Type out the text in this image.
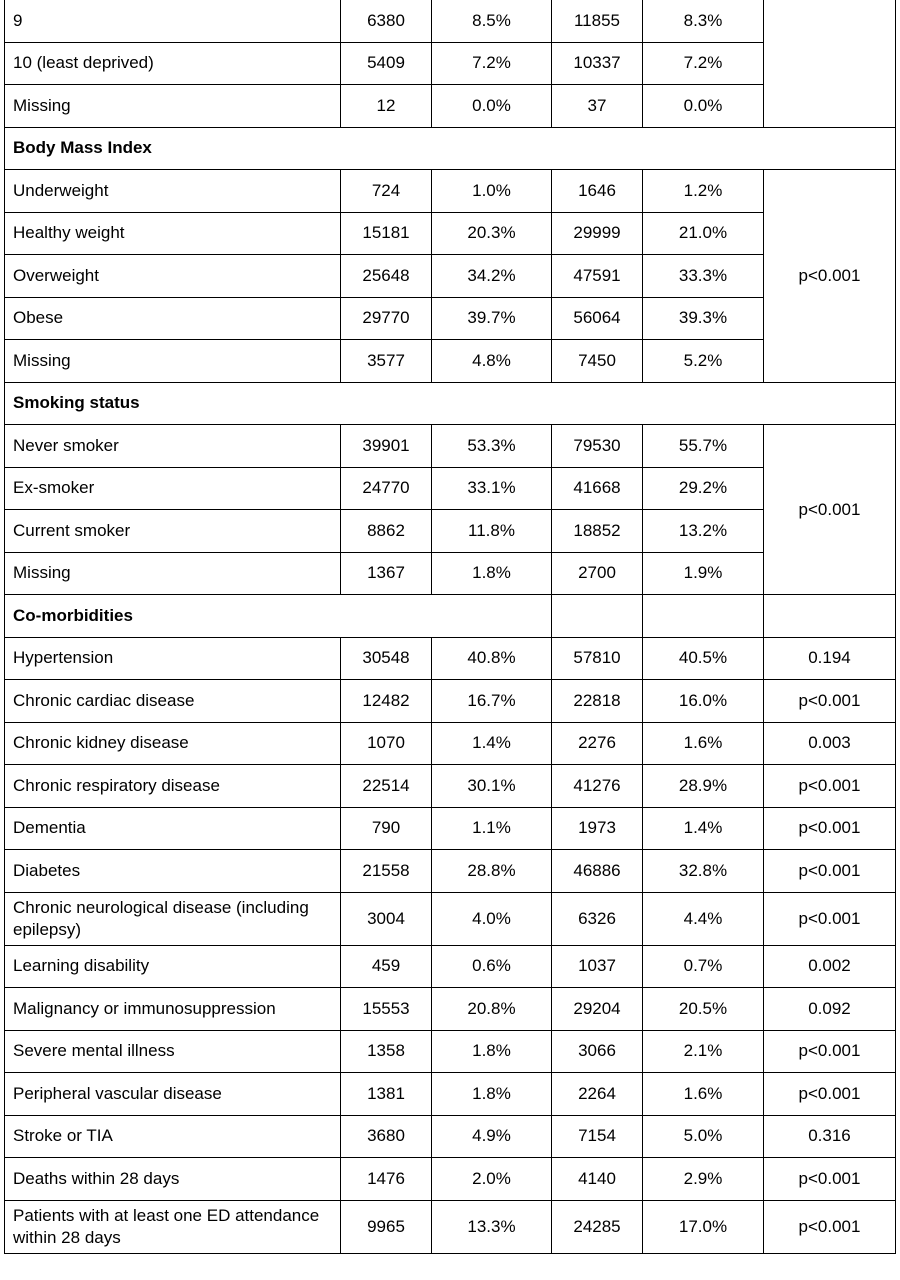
9	6380	8.5%	11855	8.3%	
10 (least deprived)	5409	7.2%	10337	7.2%	
Missing	12	0.0%	37	0.0%	
Body Mass Index					
Underweight	724	1.0%	1646	1.2%	p<0.001
Healthy weight	15181	20.3%	29999	21.0%	
Overweight	25648	34.2%	47591	33.3%	
Obese	29770	39.7%	56064	39.3%	
Missing	3577	4.8%	7450	5.2%	
Smoking status					
Never smoker	39901	53.3%	79530	55.7%	p<0.001
Ex-smoker	24770	33.1%	41668	29.2%	
Current smoker	8862	11.8%	18852	13.2%	
Missing	1367	1.8%	2700	1.9%	
Co-morbidities					
Hypertension	30548	40.8%	57810	40.5%	0.194
Chronic cardiac disease	12482	16.7%	22818	16.0%	p<0.001
Chronic kidney disease	1070	1.4%	2276	1.6%	0.003
Chronic respiratory disease	22514	30.1%	41276	28.9%	p<0.001
Dementia	790	1.1%	1973	1.4%	p<0.001
Diabetes	21558	28.8%	46886	32.8%	p<0.001
Chronic neurological disease (including epilepsy)	3004	4.0%	6326	4.4%	p<0.001
Learning disability	459	0.6%	1037	0.7%	0.002
Malignancy or immunosuppression	15553	20.8%	29204	20.5%	0.092
Severe mental illness	1358	1.8%	3066	2.1%	p<0.001
Peripheral vascular disease	1381	1.8%	2264	1.6%	p<0.001
Stroke or TIA	3680	4.9%	7154	5.0%	0.316
Deaths within 28 days	1476	2.0%	4140	2.9%	p<0.001
Patients with at least one ED attendance within 28 days	9965	13.3%	24285	17.0%	p<0.001
